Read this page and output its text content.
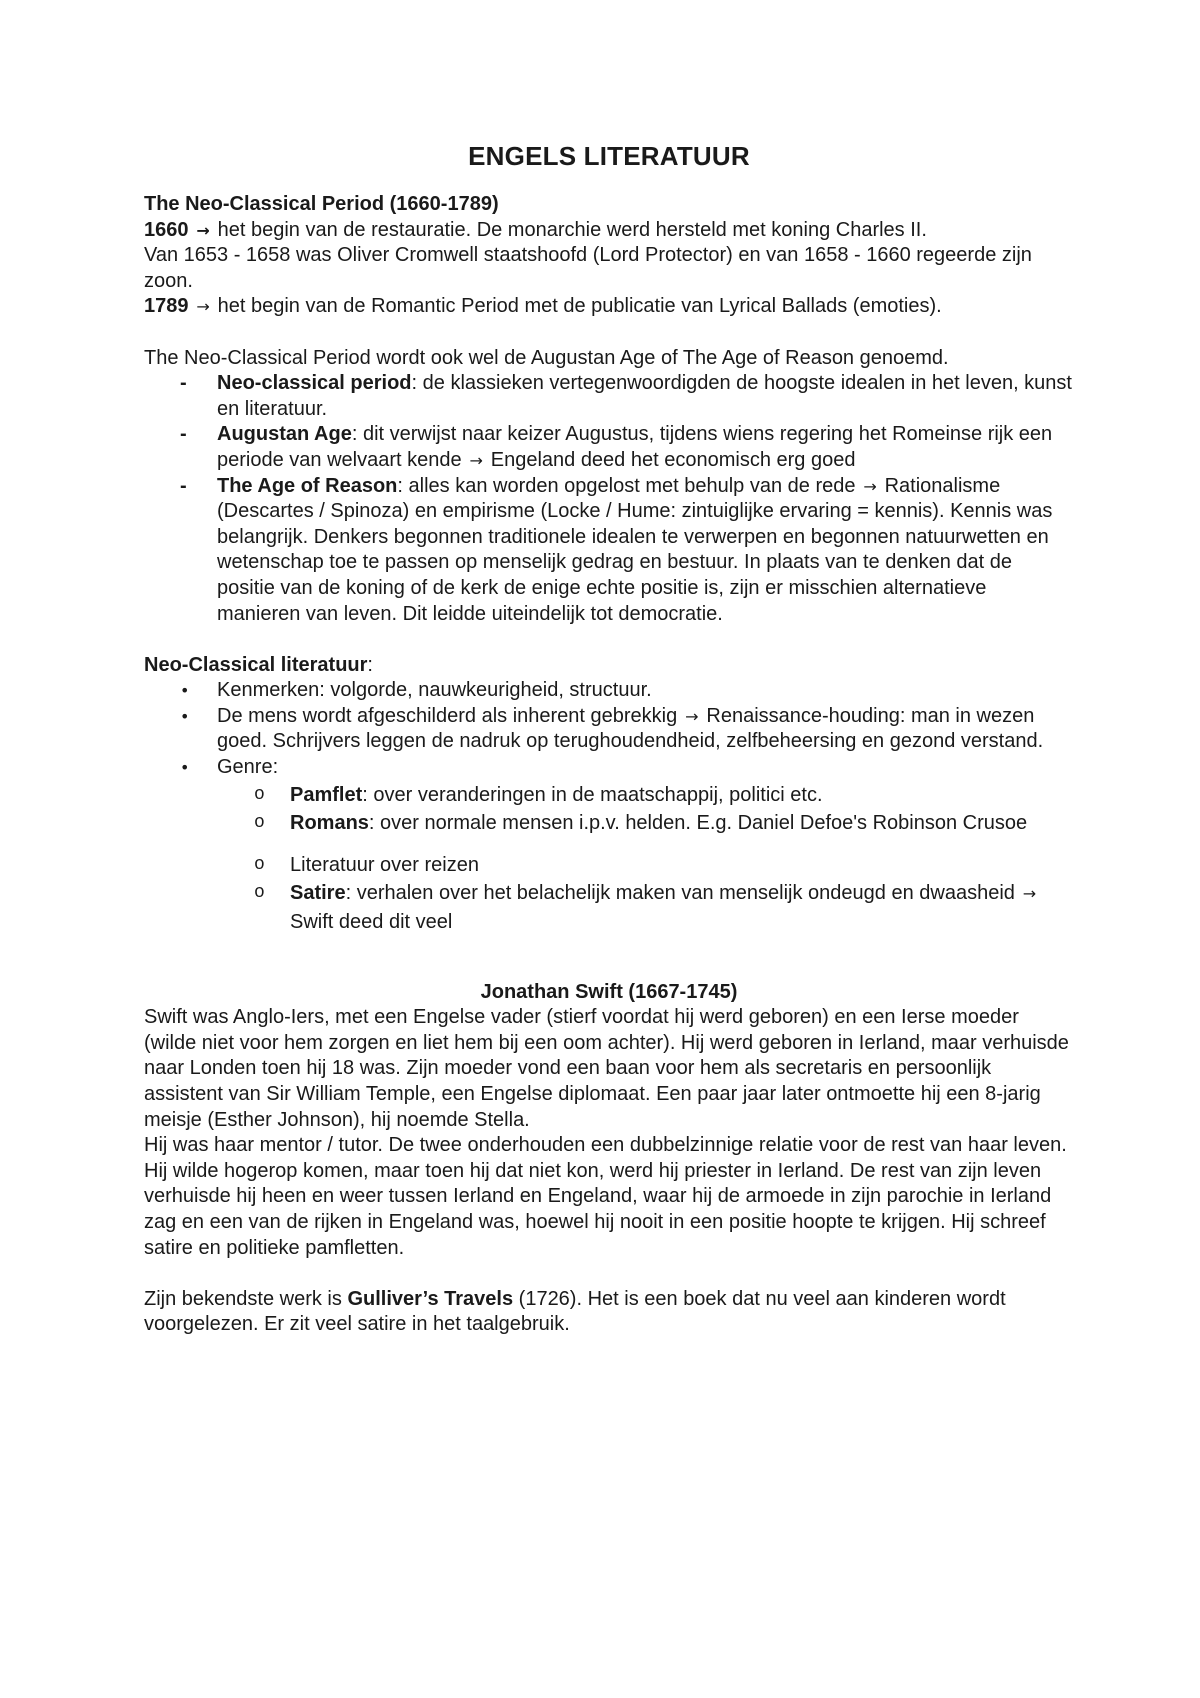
ENGELS LITERATUUR

The Neo-Classical Period (1660-1789)

1660 → het begin van de restauratie. De monarchie werd hersteld met koning Charles II.

Van 1653 - 1658 was Oliver Cromwell staatshoofd (Lord Protector) en van 1658 - 1660 regeerde zijn zoon.

1789 → het begin van de Romantic Period met de publicatie van Lyrical Ballads (emoties).

The Neo-Classical Period wordt ook wel de Augustan Age of The Age of Reason genoemd.

- Neo-classical period: de klassieken vertegenwoordigden de hoogste idealen in het leven, kunst en literatuur.
- Augustan Age: dit verwijst naar keizer Augustus, tijdens wiens regering het Romeinse rijk een periode van welvaart kende → Engeland deed het economisch erg goed
- The Age of Reason: alles kan worden opgelost met behulp van de rede → Rationalisme (Descartes / Spinoza) en empirisme (Locke / Hume: zintuiglijke ervaring = kennis). Kennis was belangrijk. Denkers begonnen traditionele idealen te verwerpen en begonnen natuurwetten en wetenschap toe te passen op menselijk gedrag en bestuur. In plaats van te denken dat de positie van de koning of de kerk de enige echte positie is, zijn er misschien alternatieve manieren van leven. Dit leidde uiteindelijk tot democratie.

Neo-Classical literatuur:

• Kenmerken: volgorde, nauwkeurigheid, structuur.
• De mens wordt afgeschilderd als inherent gebrekkig → Renaissance-houding: man in wezen goed. Schrijvers leggen de nadruk op terughoudendheid, zelfbeheersing en gezond verstand.
• Genre:
o Pamflet: over veranderingen in de maatschappij, politici etc.
o Romans: over normale mensen i.p.v. helden. E.g. Daniel Defoe's Robinson Crusoe
o Literatuur over reizen
o Satire: verhalen over het belachelijk maken van menselijk ondeugd en dwaasheid → Swift deed dit veel

Jonathan Swift (1667-1745)

Swift was Anglo-Iers, met een Engelse vader (stierf voordat hij werd geboren) en een Ierse moeder (wilde niet voor hem zorgen en liet hem bij een oom achter). Hij werd geboren in Ierland, maar verhuisde naar Londen toen hij 18 was. Zijn moeder vond een baan voor hem als secretaris en persoonlijk assistent van Sir William Temple, een Engelse diplomaat. Een paar jaar later ontmoette hij een 8-jarig meisje (Esther Johnson), hij noemde Stella.

Hij was haar mentor / tutor. De twee onderhouden een dubbelzinnige relatie voor de rest van haar leven. Hij wilde hogerop komen, maar toen hij dat niet kon, werd hij priester in Ierland. De rest van zijn leven verhuisde hij heen en weer tussen Ierland en Engeland, waar hij de armoede in zijn parochie in Ierland zag en een van de rijken in Engeland was, hoewel hij nooit in een positie hoopte te krijgen. Hij schreef satire en politieke pamfletten.

Zijn bekendste werk is Gulliver’s Travels (1726). Het is een boek dat nu veel aan kinderen wordt voorgelezen. Er zit veel satire in het taalgebruik.
